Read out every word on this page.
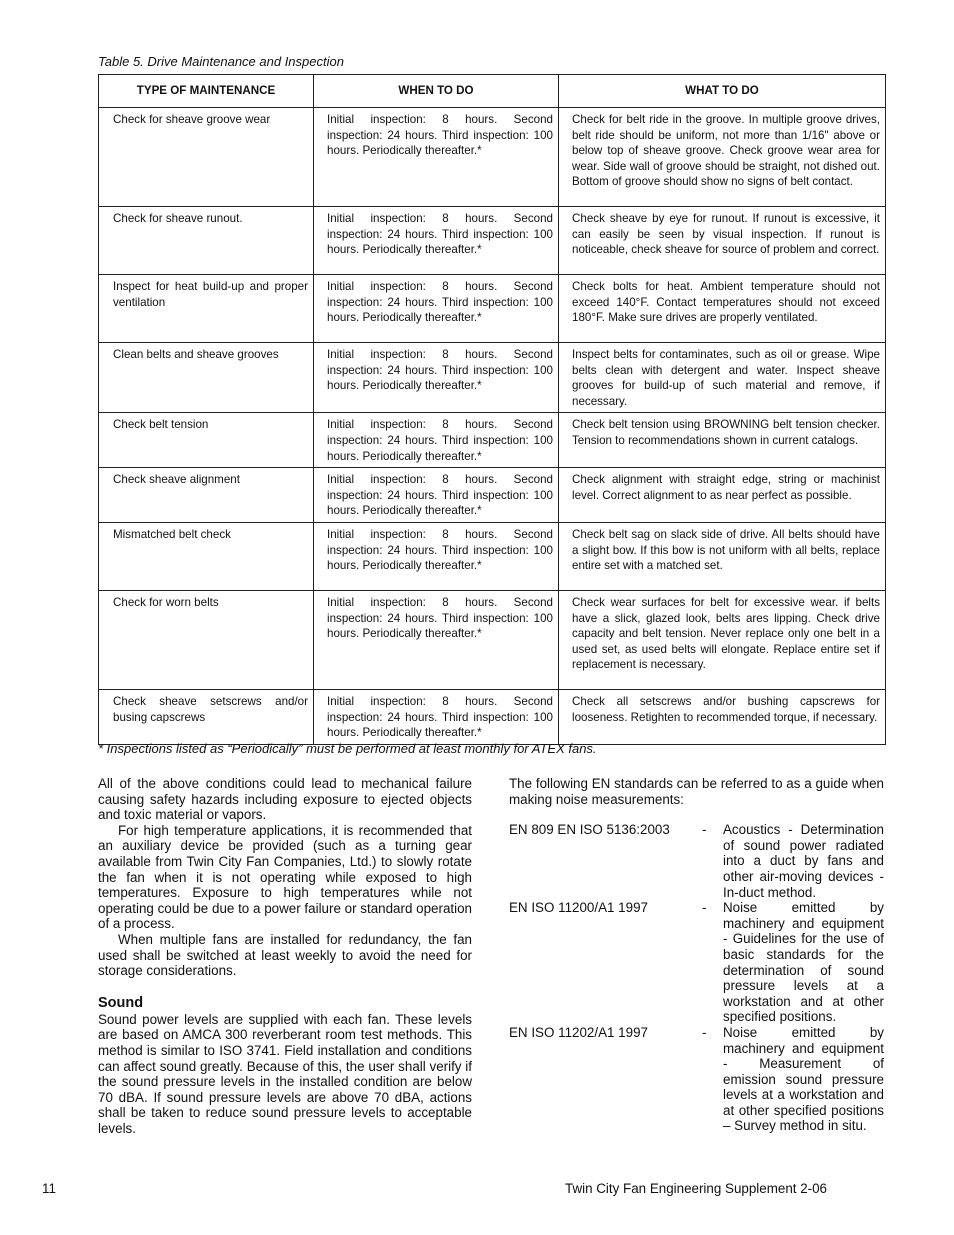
Table 5. Drive Maintenance and Inspection
TYPE OF MAINTENANCE	WHEN TO DO	WHAT TO DO
Check for sheave groove wear	Initial inspection: 8 hours. Second inspection: 24 hours. Third inspection: 100 hours. Periodically thereafter.*	Check for belt ride in the groove. In multiple groove drives, belt ride should be uniform, not more than 1/16" above or below top of sheave groove. Check groove wear area for wear. Side wall of groove should be straight, not dished out. Bottom of groove should show no signs of belt contact.
Check for sheave runout.	Initial inspection: 8 hours. Second inspection: 24 hours. Third inspection: 100 hours. Periodically thereafter.*	Check sheave by eye for runout. If runout is excessive, it can easily be seen by visual inspection. If runout is noticeable, check sheave for source of problem and correct.
Inspect for heat build-up and proper ventilation	Initial inspection: 8 hours. Second inspection: 24 hours. Third inspection: 100 hours. Periodically thereafter.*	Check bolts for heat. Ambient temperature should not exceed 140°F. Contact temperatures should not exceed 180°F. Make sure drives are properly ventilated.
Clean belts and sheave grooves	Initial inspection: 8 hours. Second inspection: 24 hours. Third inspection: 100 hours. Periodically thereafter.*	Inspect belts for contaminates, such as oil or grease. Wipe belts clean with detergent and water. Inspect sheave grooves for build-up of such material and remove, if necessary.
Check belt tension	Initial inspection: 8 hours. Second inspection: 24 hours. Third inspection: 100 hours. Periodically thereafter.*	Check belt tension using BROWNING belt tension checker. Tension to recommendations shown in current catalogs.
Check sheave alignment	Initial inspection: 8 hours. Second inspection: 24 hours. Third inspection: 100 hours. Periodically thereafter.*	Check alignment with straight edge, string or machinist level. Correct alignment to as near perfect as possible.
Mismatched belt check	Initial inspection: 8 hours. Second inspection: 24 hours. Third inspection: 100 hours. Periodically thereafter.*	Check belt sag on slack side of drive. All belts should have a slight bow. If this bow is not uniform with all belts, replace entire set with a matched set.
Check for worn belts	Initial inspection: 8 hours. Second inspection: 24 hours. Third inspection: 100 hours. Periodically thereafter.*	Check wear surfaces for belt for excessive wear. if belts have a slick, glazed look, belts ares lipping. Check drive capacity and belt tension. Never replace only one belt in a used set, as used belts will elongate. Replace entire set if replacement is necessary.
Check sheave setscrews and/or busing capscrews	Initial inspection: 8 hours. Second inspection: 24 hours. Third inspection: 100 hours. Periodically thereafter.*	Check all setscrews and/or bushing capscrews for looseness. Retighten to recommended torque, if necessary.
* Inspections listed as “Periodically” must be performed at least monthly for ATEX fans.

All of the above conditions could lead to mechanical failure causing safety hazards including exposure to ejected objects and toxic material or vapors.

For high temperature applications, it is recommended that an auxiliary device be provided (such as a turning gear available from Twin City Fan Companies, Ltd.) to slowly rotate the fan when it is not operating while exposed to high temperatures. Exposure to high temperatures while not operating could be due to a power failure or standard operation of a process.

When multiple fans are installed for redundancy, the fan used shall be switched at least weekly to avoid the need for storage considerations.

Sound

Sound power levels are supplied with each fan. These levels are based on AMCA 300 reverberant room test methods. This method is similar to ISO 3741. Field installation and conditions can affect sound greatly. Because of this, the user shall verify if the sound pressure levels in the installed condition are below 70 dBA. If sound pressure levels are above 70 dBA, actions shall be taken to reduce sound pressure levels to acceptable levels.

The following EN standards can be referred to as a guide when making noise measurements:

EN 809 EN ISO 5136:2003	-	Acoustics - Determination of sound power radiated into a duct by fans and other air-moving devices - In-duct method.
EN ISO 11200/A1 1997	-	Noise emitted by machinery and equipment - Guidelines for the use of basic standards for the determination of sound pressure levels at a workstation and at other specified positions.
EN ISO 11202/A1 1997	-	Noise emitted by machinery and equipment - Measurement of emission sound pressure levels at a workstation and at other specified positions – Survey method in situ.
11	Twin City Fan Engineering Supplement 2-06
